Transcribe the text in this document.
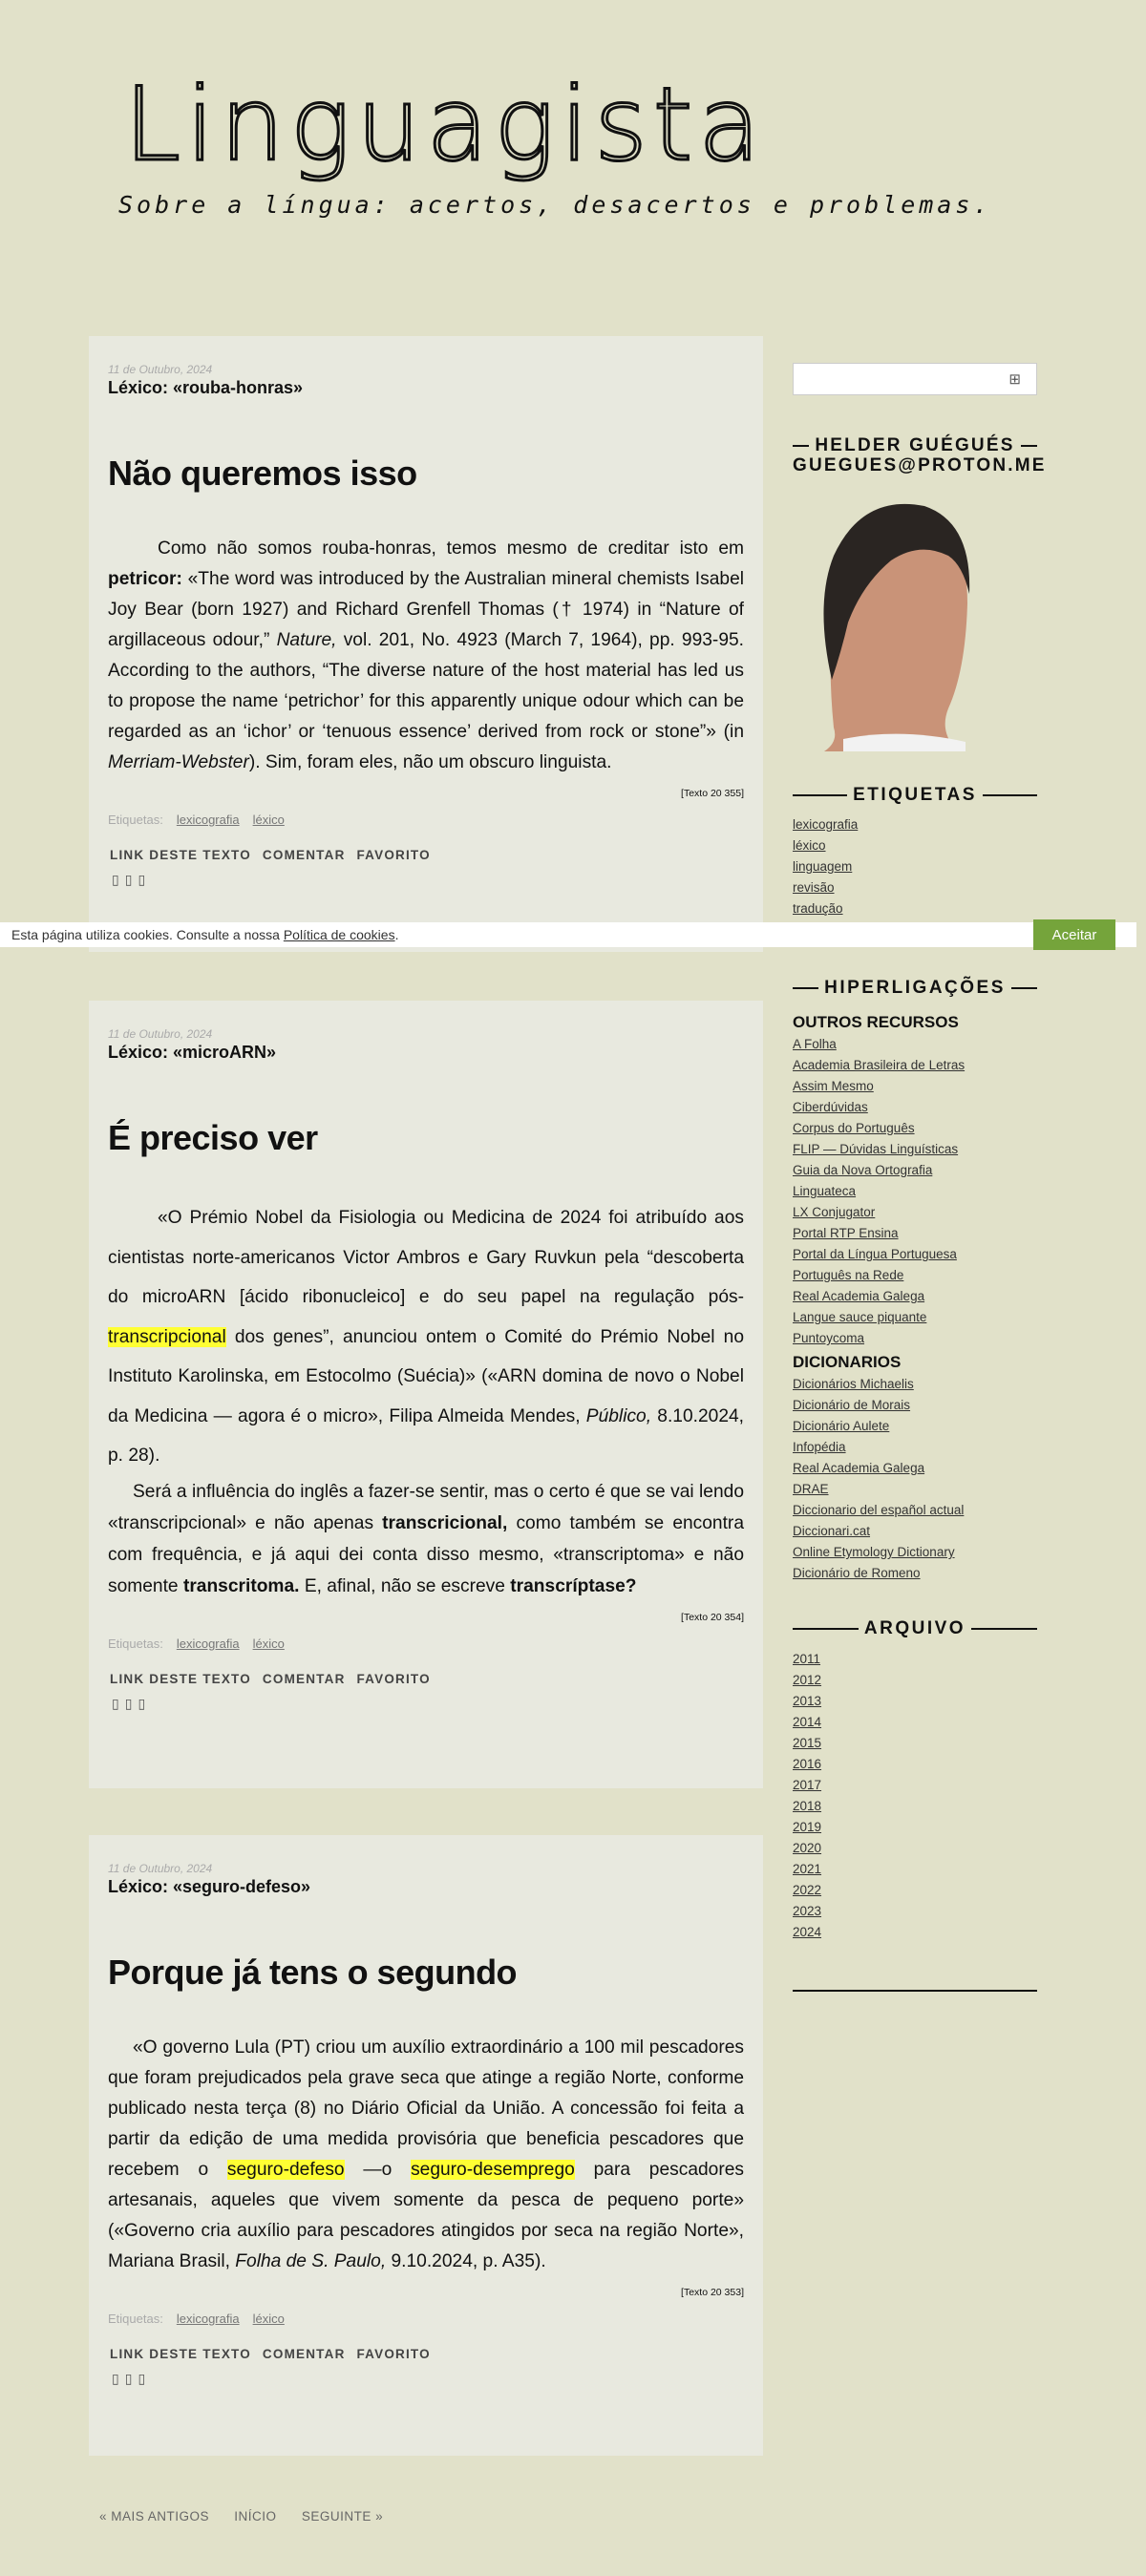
Linguagista
Sobre a língua: acertos, desacertos e problemas.
11 de Outubro, 2024
Léxico: «rouba-honras»
Não queremos isso

Como não somos rouba-honras, temos mesmo de creditar isto em petricor: «The word was introduced by the Australian mineral chemists Isabel Joy Bear (born 1927) and Richard Grenfell Thomas († 1974) in “Nature of argillaceous odour,” Nature, vol. 201, No. 4923 (March 7, 1964), pp. 993-95. According to the authors, “The diverse nature of the host material has led us to propose the name ‘petrichor’ for this apparently unique odour which can be regarded as an ‘ichor’ or ‘tenuous essence’ derived from rock or stone”» (in Merriam-Webster). Sim, foram eles, não um obscuro linguista.

[Texto 20 355]
Etiquetas: lexicografia léxico
LINK DESTE TEXTO COMENTAR FAVORITO
▯▯▯
11 de Outubro, 2024
Léxico: «microARN»
É preciso ver

«O Prémio Nobel da Fisiologia ou Medicina de 2024 foi atribuído aos cientistas norte-americanos Victor Ambros e Gary Ruvkun pela “descoberta do microARN [ácido ribonucleico] e do seu papel na regulação pós-transcripcional dos genes”, anunciou ontem o Comité do Prémio Nobel no Instituto Karolinska, em Estocolmo (Suécia)» («ARN domina de novo o Nobel da Medicina — agora é o micro», Filipa Almeida Mendes, Público, 8.10.2024, p. 28).

Será a influência do inglês a fazer-se sentir, mas o certo é que se vai lendo «transcripcional» e não apenas transcricional, como também se encontra com frequência, e já aqui dei conta disso mesmo, «transcriptoma» e não somente transcritoma. E, afinal, não se escreve transcríptase?

[Texto 20 354]
Etiquetas: lexicografia léxico
LINK DESTE TEXTO COMENTAR FAVORITO
▯▯▯
11 de Outubro, 2024
Léxico: «seguro-defeso»
Porque já tens o segundo

«O governo Lula (PT) criou um auxílio extraordinário a 100 mil pescadores que foram prejudicados pela grave seca que atinge a região Norte, conforme publicado nesta terça (8) no Diário Oficial da União. A concessão foi feita a partir da edição de uma medida provisória que beneficia pescadores que recebem o seguro-defeso —o seguro-desemprego para pescadores artesanais, aqueles que vivem somente da pesca de pequeno porte» («Governo cria auxílio para pescadores atingidos por seca na região Norte», Mariana Brasil, Folha de S. Paulo, 9.10.2024, p. A35).

[Texto 20 353]
Etiquetas: lexicografia léxico
LINK DESTE TEXTO COMENTAR FAVORITO
▯▯▯
⊞
HELDER GUÉGUÉS
GUEGUES@PROTON.ME
ETIQUETAS
lexicografia
léxico
linguagem
revisão
tradução
HIPERLIGAÇÕES
OUTROS RECURSOS
A Folha
Academia Brasileira de Letras
Assim Mesmo
Ciberdúvidas
Corpus do Português
FLIP — Dúvidas Linguísticas
Guia da Nova Ortografia
Linguateca
LX Conjugator
Portal RTP Ensina
Portal da Língua Portuguesa
Português na Rede
Real Academia Galega
Langue sauce piquante
Puntoycoma
DICIONARIOS
Dicionários Michaelis
Dicionário de Morais
Dicionário Aulete
Infopédia
Real Academia Galega
DRAE
Diccionario del español actual
Diccionari.cat
Online Etymology Dictionary
Dicionário de Romeno
ARQUIVO
2011
2012
2013
2014
2015
2016
2017
2018
2019
2020
2021
2022
2023
2024
Esta página utiliza cookies. Consulte a nossa Política de cookies.	Aceitar
« MAIS ANTIGOS INÍCIO SEGUINTE »
